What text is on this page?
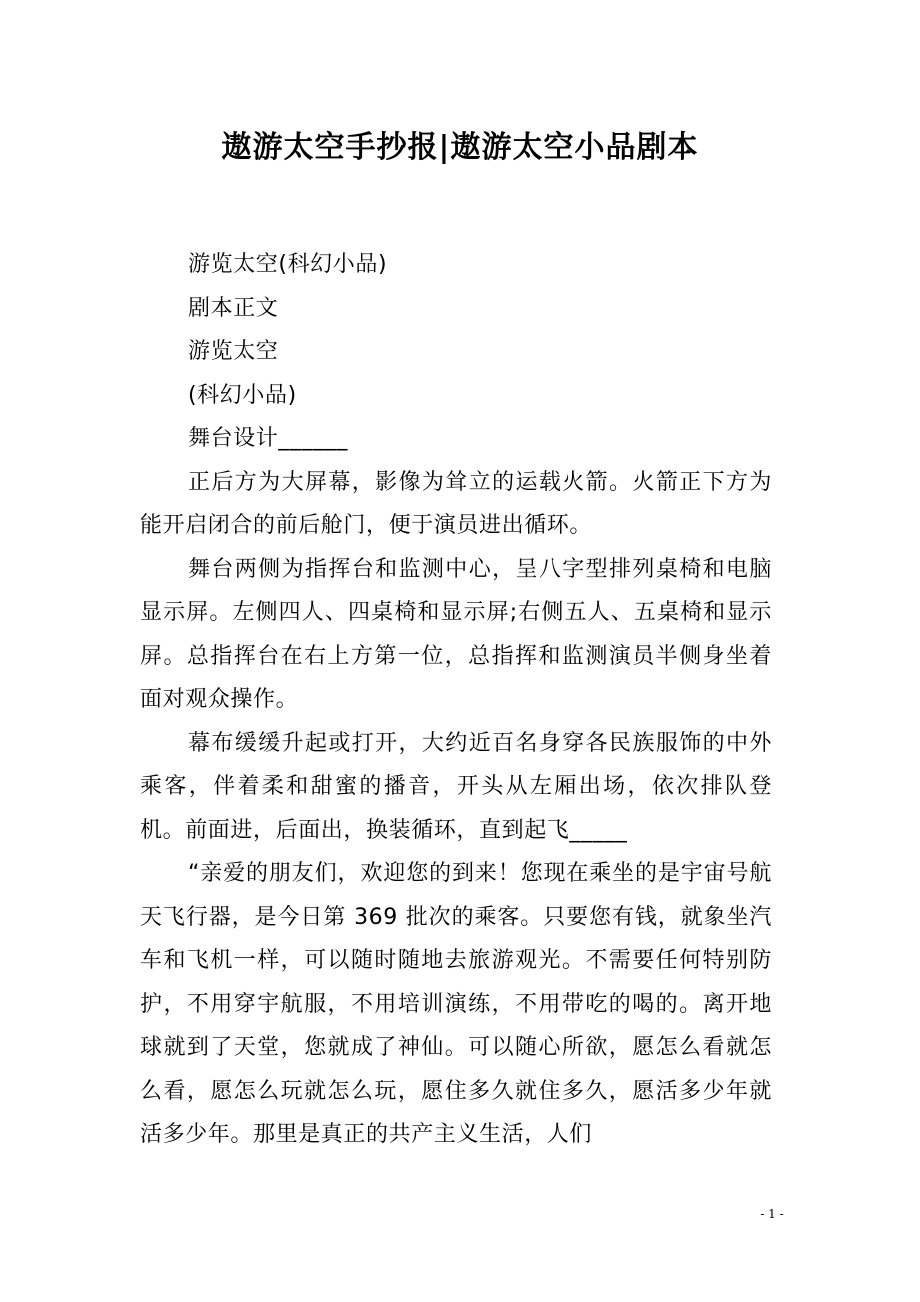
遨游太空手抄报|遨游太空小品剧本

游览太空(科幻小品)

剧本正文

游览太空

(科幻小品)

舞台设计______

正后方为大屏幕，影像为耸立的运载火箭。火箭正下方为能开启闭合的前后舱门，便于演员进出循环。

舞台两侧为指挥台和监测中心，呈八字型排列桌椅和电脑显示屏。左侧四人、四桌椅和显示屏;右侧五人、五桌椅和显示屏。总指挥台在右上方第一位，总指挥和监测演员半侧身坐着面对观众操作。

幕布缓缓升起或打开，大约近百名身穿各民族服饰的中外乘客，伴着柔和甜蜜的播音，开头从左厢出场，依次排队登机。前面进，后面出，换装循环，直到起飞_____

“亲爱的朋友们，欢迎您的到来！您现在乘坐的是宇宙号航天飞行器，是今日第 369 批次的乘客。只要您有钱，就象坐汽车和飞机一样，可以随时随地去旅游观光。不需要任何特别防护，不用穿宇航服，不用培训演练，不用带吃的喝的。离开地球就到了天堂，您就成了神仙。可以随心所欲，愿怎么看就怎么看，愿怎么玩就怎么玩，愿住多久就住多久，愿活多少年就活多少年。那里是真正的共产主义生活，人们

- 1 -
